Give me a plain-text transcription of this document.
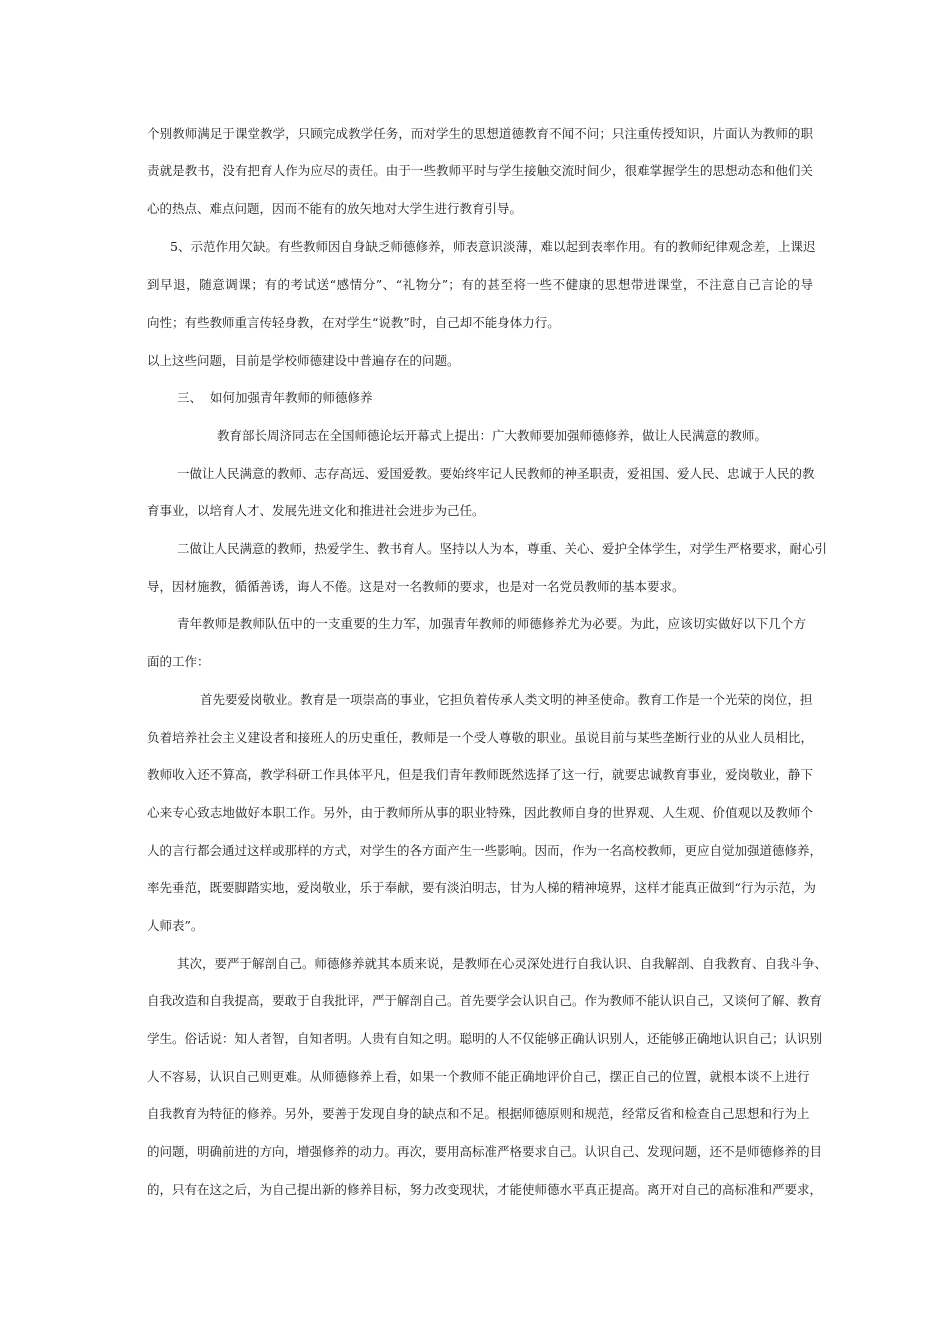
个别教师满足于课堂教学，只顾完成教学任务，而对学生的思想道德教育不闻不问；只注重传授知识，片面认为教师的职
责就是教书，没有把育人作为应尽的责任。由于一些教师平时与学生接触交流时间少，很难掌握学生的思想动态和他们关
心的热点、难点问题，因而不能有的放矢地对大学生进行教育引导。
5、示范作用欠缺。有些教师因自身缺乏师德修养，师表意识淡薄，难以起到表率作用。有的教师纪律观念差，上课迟
到早退，随意调课；有的考试送“感情分”、“礼物分”；有的甚至将一些不健康的思想带进课堂，不注意自己言论的导
向性；有些教师重言传轻身教，在对学生“说教”时，自己却不能身体力行。
以上这些问题，目前是学校师德建设中普遍存在的问题。
三、  如何加强青年教师的师德修养
教育部长周济同志在全国师德论坛开幕式上提出：广大教师要加强师德修养，做让人民满意的教师。
一做让人民满意的教师、志存高远、爱国爱教。要始终牢记人民教师的神圣职责，爱祖国、爱人民、忠诚于人民的教
育事业，以培育人才、发展先进文化和推进社会进步为己任。
二做让人民满意的教师，热爱学生、教书育人。坚持以人为本，尊重、关心、爱护全体学生，对学生严格要求，耐心引
导，因材施教，循循善诱，诲人不倦。这是对一名教师的要求，也是对一名党员教师的基本要求。
青年教师是教师队伍中的一支重要的生力军，加强青年教师的师德修养尤为必要。为此，应该切实做好以下几个方
面的工作：
首先要爱岗敬业。教育是一项崇高的事业，它担负着传承人类文明的神圣使命。教育工作是一个光荣的岗位，担
负着培养社会主义建设者和接班人的历史重任，教师是一个受人尊敬的职业。虽说目前与某些垄断行业的从业人员相比，
教师收入还不算高，教学科研工作具体平凡，但是我们青年教师既然选择了这一行，就要忠诚教育事业，爱岗敬业，静下
心来专心致志地做好本职工作。另外，由于教师所从事的职业特殊，因此教师自身的世界观、人生观、价值观以及教师个
人的言行都会通过这样或那样的方式，对学生的各方面产生一些影响。因而，作为一名高校教师，更应自觉加强道德修养，
率先垂范，既要脚踏实地，爱岗敬业，乐于奉献，要有淡泊明志，甘为人梯的精神境界，这样才能真正做到“行为示范，为
人师表”。
其次，要严于解剖自己。师德修养就其本质来说，是教师在心灵深处进行自我认识、自我解剖、自我教育、自我斗争、
自我改造和自我提高，要敢于自我批评，严于解剖自己。首先要学会认识自己。作为教师不能认识自己，又谈何了解、教育
学生。俗话说：知人者智，自知者明。人贵有自知之明。聪明的人不仅能够正确认识别人，还能够正确地认识自己；认识别
人不容易，认识自己则更难。从师德修养上看，如果一个教师不能正确地评价自己，摆正自己的位置，就根本谈不上进行
自我教育为特征的修养。另外，要善于发现自身的缺点和不足。根据师德原则和规范，经常反省和检查自己思想和行为上
的问题，明确前进的方向，增强修养的动力。再次，要用高标准严格要求自己。认识自己、发现问题，还不是师德修养的目
的，只有在这之后，为自己提出新的修养目标，努力改变现状，才能使师德水平真正提高。离开对自己的高标准和严要求，
